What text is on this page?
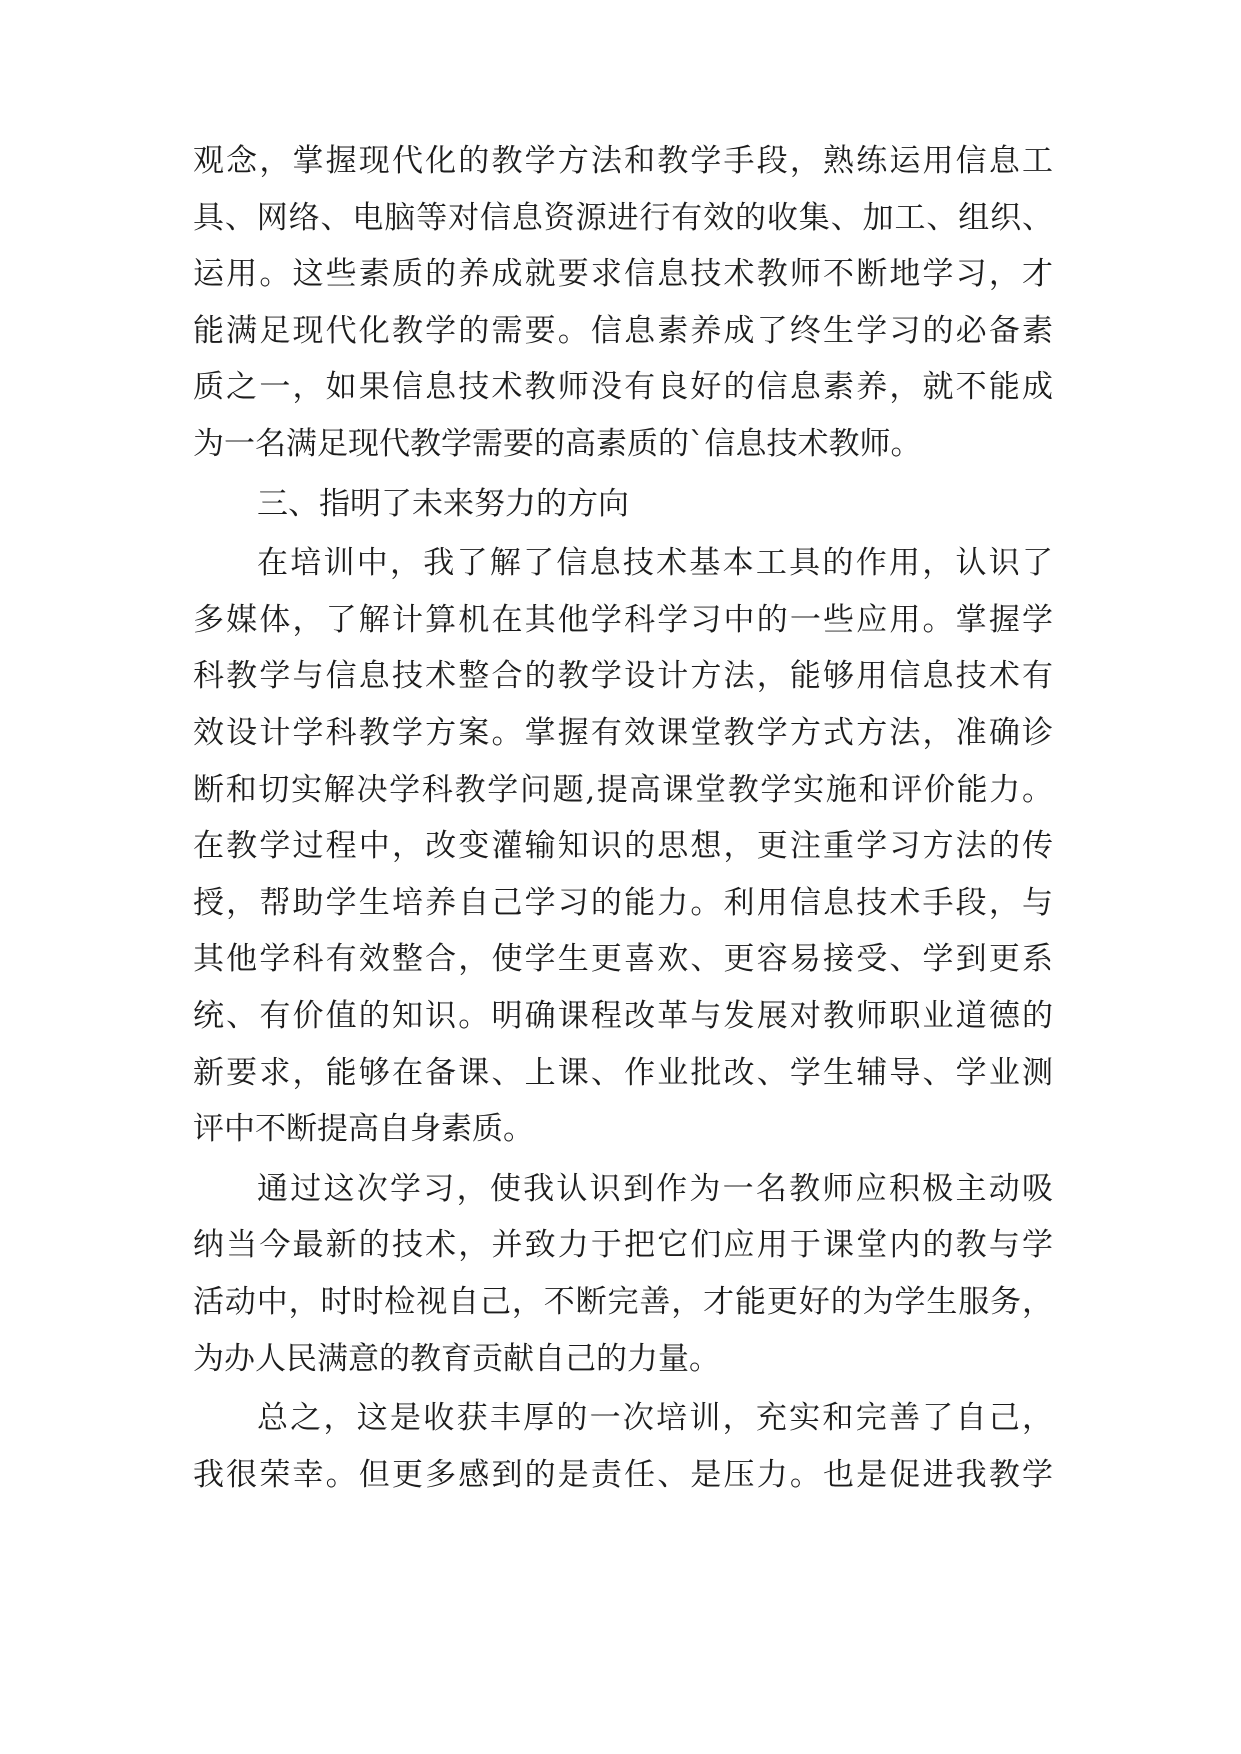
观念，掌握现代化的教学方法和教学手段，熟练运用信息工
具、网络、电脑等对信息资源进行有效的收集、加工、组织、
运用。这些素质的养成就要求信息技术教师不断地学习，才
能满足现代化教学的需要。信息素养成了终生学习的必备素
质之一，如果信息技术教师没有良好的信息素养，就不能成
为一名满足现代教学需要的高素质的`信息技术教师。
三、指明了未来努力的方向
在培训中，我了解了信息技术基本工具的作用，认识了
多媒体，了解计算机在其他学科学习中的一些应用。掌握学
科教学与信息技术整合的教学设计方法，能够用信息技术有
效设计学科教学方案。掌握有效课堂教学方式方法，准确诊
断和切实解决学科教学问题,提高课堂教学实施和评价能力。
在教学过程中，改变灌输知识的思想，更注重学习方法的传
授，帮助学生培养自己学习的能力。利用信息技术手段，与
其他学科有效整合，使学生更喜欢、更容易接受、学到更系
统、有价值的知识。明确课程改革与发展对教师职业道德的
新要求，能够在备课、上课、作业批改、学生辅导、学业测
评中不断提高自身素质。
通过这次学习，使我认识到作为一名教师应积极主动吸
纳当今最新的技术，并致力于把它们应用于课堂内的教与学
活动中，时时检视自己，不断完善，才能更好的为学生服务，
为办人民满意的教育贡献自己的力量。
总之，这是收获丰厚的一次培训，充实和完善了自己，
我很荣幸。但更多感到的是责任、是压力。也是促进我教学
